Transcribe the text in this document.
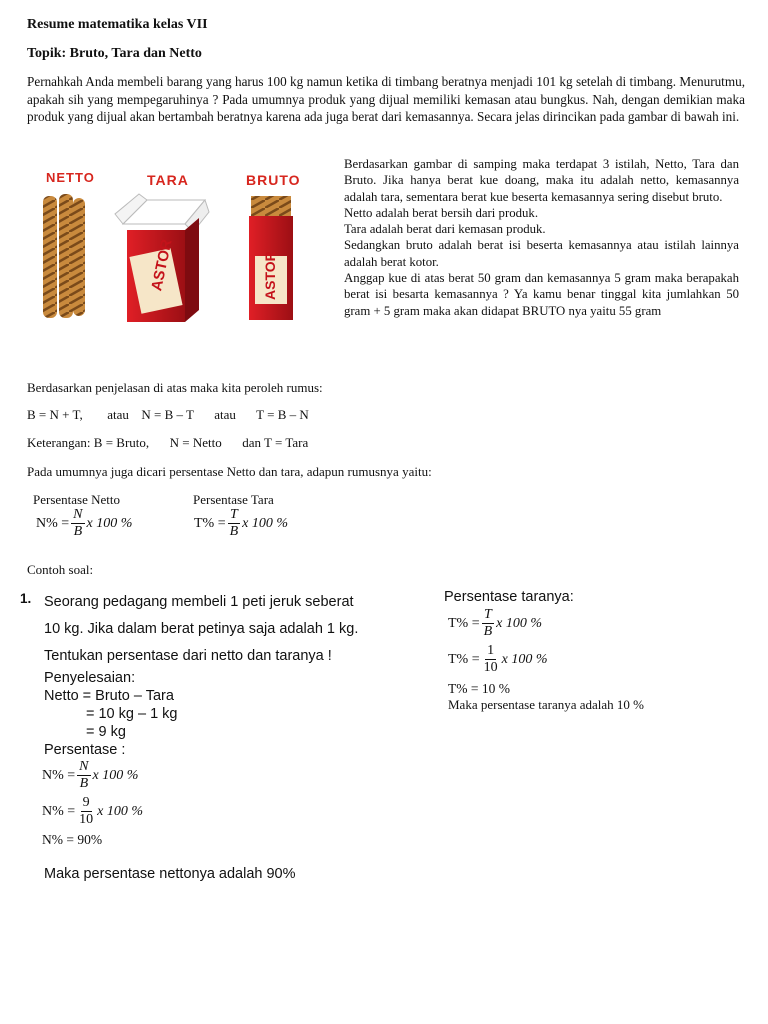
Resume matematika kelas VII
Topik: Bruto, Tara dan Netto
Pernahkah Anda membeli barang yang harus 100 kg namun ketika di timbang beratnya menjadi 101 kg setelah di timbang. Menurutmu, apakah sih yang mempegaruhinya ? Pada umumnya produk yang dijual memiliki kemasan atau bungkus. Nah, dengan demikian maka produk yang dijual akan bertambah beratnya karena ada juga berat dari kemasannya. Secara jelas dirincikan pada gambar di bawah ini.
NETTO	TARA	BRUTO
ASTOR	ASTOR
Berdasarkan gambar di samping maka terdapat 3 istilah, Netto, Tara dan Bruto. Jika hanya berat kue doang, maka itu adalah netto, kemasannya adalah tara, sementara berat kue beserta kemasannya sering disebut bruto.
Netto adalah berat bersih dari produk.
Tara adalah berat dari kemasan produk.
Sedangkan bruto adalah berat isi beserta kemasannya atau istilah lainnya adalah berat kotor.
Anggap kue di atas berat 50 gram dan kemasannya 5 gram maka berapakah berat isi besarta kemasannya ? Ya kamu benar tinggal kita jumlahkan 50 gram + 5 gram maka akan didapat BRUTO nya yaitu 55 gram
Berdasarkan penjelasan di atas maka kita peroleh rumus:
B = N + T, atau N = B – T atau T = B – N
Keterangan: B = Bruto, N = Netto dan T = Tara
Pada umumnya juga dicari persentase Netto dan tara, adapun rumusnya yaitu:
Persentase Netto	Persentase Tara
$N\% = \frac{N}{B}$ x 100 %	$T\% = \frac{T}{B}$ x 100 %
Contoh soal:
1. Seorang pedagang membeli 1 peti jeruk seberat
10 kg. Jika dalam berat petinya saja adalah 1 kg.
Tentukan persentase dari netto dan taranya !
Penyelesaian:
Netto = Bruto – Tara
= 10 kg – 1 kg
= 9 kg
Persentase :
$N\% = \frac{N}{B}$ x 100 %
$N\% = \frac{9}{10}$ x 100 %
N% = 90%
Maka persentase nettonya adalah 90%
Persentase taranya:
$T\% = \frac{T}{B}$ x 100 %
$T\% = \frac{1}{10}$ x 100 %
T% = 10 %
Maka persentase taranya adalah 10 %
